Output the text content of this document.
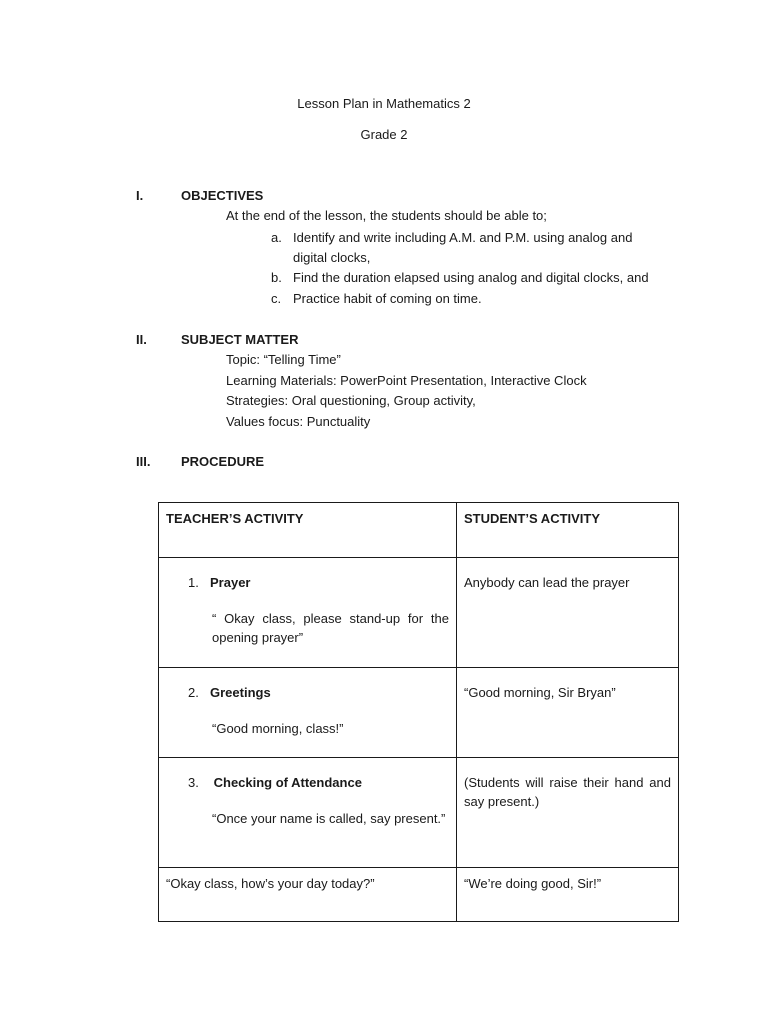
Lesson Plan in Mathematics 2
Grade 2
I.	OBJECTIVES
At the end of the lesson, the students should be able to;
a. Identify and write including A.M. and P.M. using analog and
digital clocks,
b. Find the duration elapsed using analog and digital clocks, and
c. Practice habit of coming on time.
II.	SUBJECT MATTER
Topic: “Telling Time”
Learning Materials: PowerPoint Presentation, Interactive Clock
Strategies: Oral questioning, Group activity,
Values focus: Punctuality
III. PROCEDURE
TEACHER’S ACTIVITY	STUDENT’S ACTIVITY

1. Prayer
“ Okay class, please stand-up for the opening prayer”	Anybody can lead the prayer

2. Greetings
“Good morning, class!”	“Good morning, Sir Bryan”

3. Checking of Attendance
“Once your name is called, say present.”	(Students will raise their hand and say present.)

“Okay class, how’s your day today?”	“We’re doing good, Sir!”
